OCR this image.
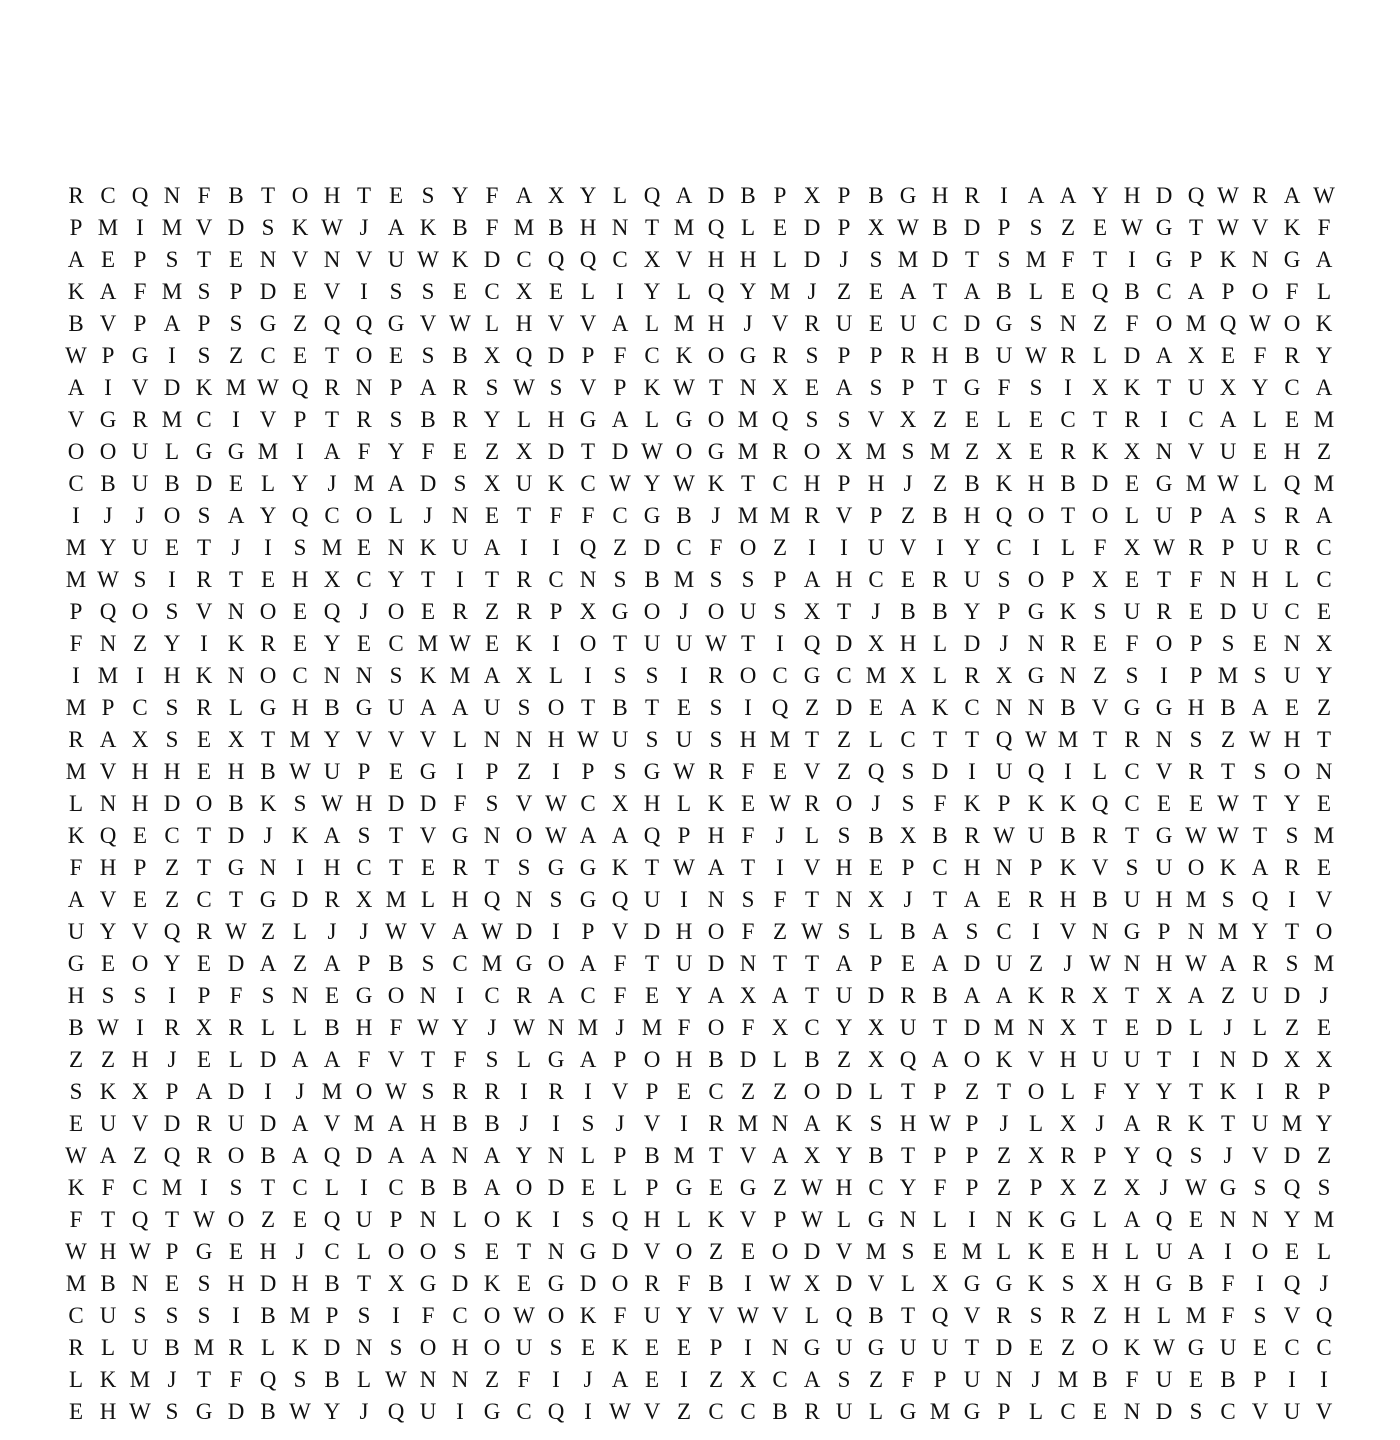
R C Q N F B T O H T E S Y F A X Y L Q A D B P X P B G H R I A A Y H D Q W R A W
P M I M V D S K W J A K B F M B H N T M Q L E D P X W B D P S Z E W G T W V K F
A E P S T E N V N V U W K D C Q Q C X V H H L D J S M D T S M F T I G P K N G A
K A F M S P D E V I S S E C X E L I Y L Q Y M J Z E A T A B L E Q B C A P O F L
B V P A P S G Z Q Q G V W L H V V A L M H J V R U E U C D G S N Z F O M Q W O K
W P G I S Z C E T O E S B X Q D P F C K O G R S P P R H B U W R L D A X E F R Y
A I V D K M W Q R N P A R S W S V P K W T N X E A S P T G F S I X K T U X Y C A
V G R M C I V P T R S B R Y L H G A L G O M Q S S V X Z E L E C T R I C A L E M
O O U L G G M I A F Y F E Z X D T D W O G M R O X M S M Z X E R K X N V U E H Z
C B U B D E L Y J M A D S X U K C W Y W K T C H P H J Z B K H B D E G M W L Q M
I	J	J O S A Y Q C O L J N E T F F C G B J M M R V P Z B H Q O T O L U P A S R A
M Y U E T J	I S M E N K U A I	I Q Z D C F O Z I	I U V I Y C I L F X W R P U R C
M W S I R T E H X C Y T I T R C N S B M S S P A H C E R U S O P X E T F N H L C
P Q O S V N O E Q J O E R Z R P X G O J O U S X T J B B Y P G K S U R E D U C E
F N Z Y I K R E Y E C M W E K I O T U U W T I Q D X H L D J N R E F O P S E N X
I M I H K N O C N N S K M A X L I S S I R O C G C M X L R X G N Z S I P M S U Y
M P C S R L G H B G U A A U S O T B T E S I Q Z D E A K C N N B V G G H B A E Z
R A X S E X T M Y V V V L N N H W U S U S H M T Z L C T T Q W M T R N S Z W H T
M V H H E H B W U P E G I P Z I P S G W R F E V Z Q S D I U Q I L C V R T S O N
L N H D O B K S W H D D F S V W C X H L K E W R O J S F K P K K Q C E E W T Y E
K Q E C T D J K A S T V G N O W A A Q P H F J L S B X B R W U B R T G W W T S M
F H P Z T G N I H C T E R T S G G K T W A T I V H E P C H N P K V S U O K A R E
A V E Z C T G D R X M L H Q N S G Q U I N S F T N X J T A E R H B U H M S Q I V
U Y V Q R W Z L J	J W V A W D I P V D H O F Z W S L B A S C I V N G P N M Y T O
G E O Y E D A Z A P B S C M G O A F T U D N T T A P E A D U Z J W N H W A R S M
H S S I P F S N E G O N I C R A C F E Y A X A T U D R B A A K R X T X A Z U D J
B W I R X R L L B H F W Y J W N M J M F O F X C Y X U T D M N X T E D L J L Z E
Z Z H J E L D A A F V T F S L G A P O H B D L B Z X Q A O K V H U U T I N D X X
S K X P A D I	J M O W S R R I R I V P E C Z Z O D L T P Z T O L F Y Y T K I R P
E U V D R U D A V M A H B B J	I S J V I R M N A K S H W P J L X J A R K T U M Y
W A Z Q R O B A Q D A A N A Y N L P B M T V A X Y B T P P Z X R P Y Q S J V D Z
K F C M I S T C L I C B B A O D E L P G E G Z W H C Y F P Z P X Z X J W G S Q S
F T Q T W O Z E Q U P N L O K I S Q H L K V P W L G N L I N K G L A Q E N N Y M
W H W P G E H J C L O O S E T N G D V O Z E O D V M S E M L K E H L U A I O E L
M B N E S H D H B T X G D K E G D O R F B I W X D V L X G G K S X H G B F I Q J
C U S S S I B M P S I F C O W O K F U Y V W V L Q B T Q V R S R Z H L M F S V Q
R L U B M R L K D N S O H O U S E K E E P I N G U G U U T D E Z O K W G U E C C
L K M J T F Q S B L W N N Z F I	J A E I Z X C A S Z F P U N J M B F U E B P I	I
E H W S G D B W Y J Q U I G C Q I W V Z C C B R U L G M G P L C E N D S C V U V
